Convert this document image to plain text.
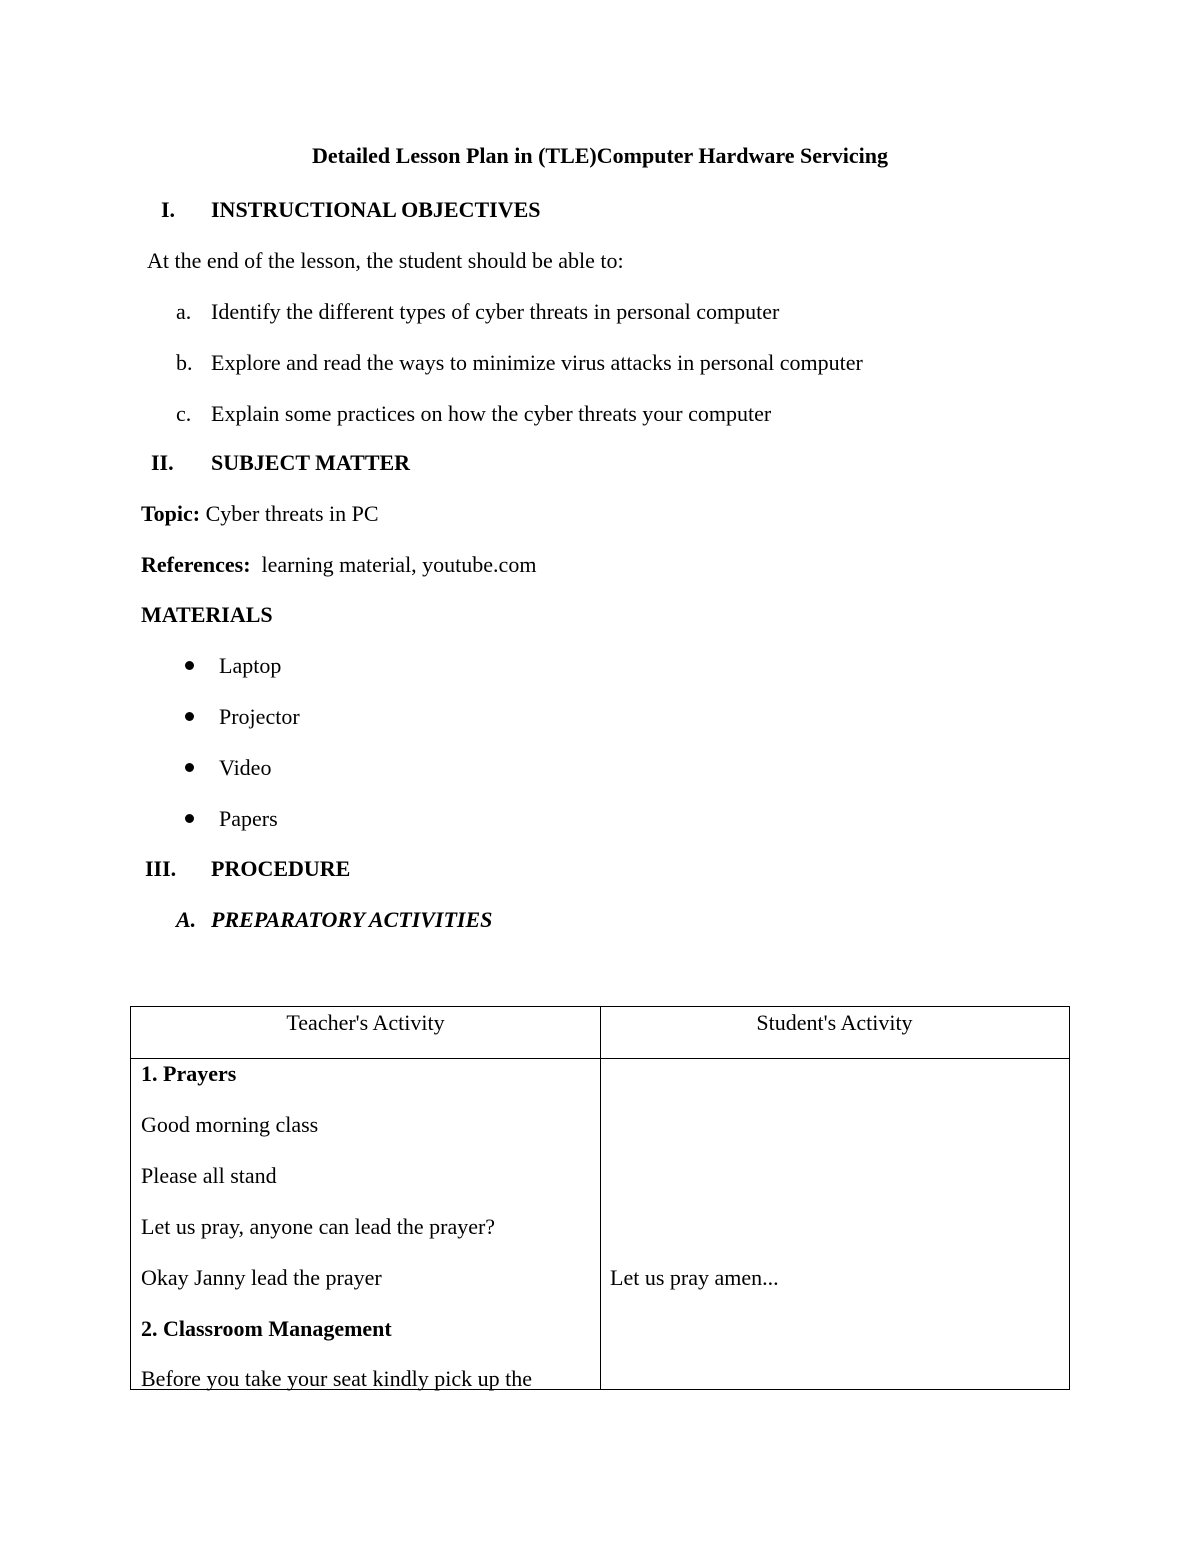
Detailed Lesson Plan in (TLE)Computer Hardware Servicing
I. INSTRUCTIONAL OBJECTIVES
At the end of the lesson, the student should be able to:
a. Identify the different types of cyber threats in personal computer
b. Explore and read the ways to minimize virus attacks in personal computer
c. Explain some practices on how the cyber threats your computer
II. SUBJECT MATTER
Topic: Cyber threats in PC
References: learning material, youtube.com
MATERIALS
Laptop
Projector
Video
Papers
III. PROCEDURE
A. PREPARATORY ACTIVITIES
Teacher's Activity	Student's Activity
1. Prayers
Good morning class
Please all stand
Let us pray, anyone can lead the prayer?
Okay Janny lead the prayer
2. Classroom Management
Before you take your seat kindly pick up the
Let us pray amen...
